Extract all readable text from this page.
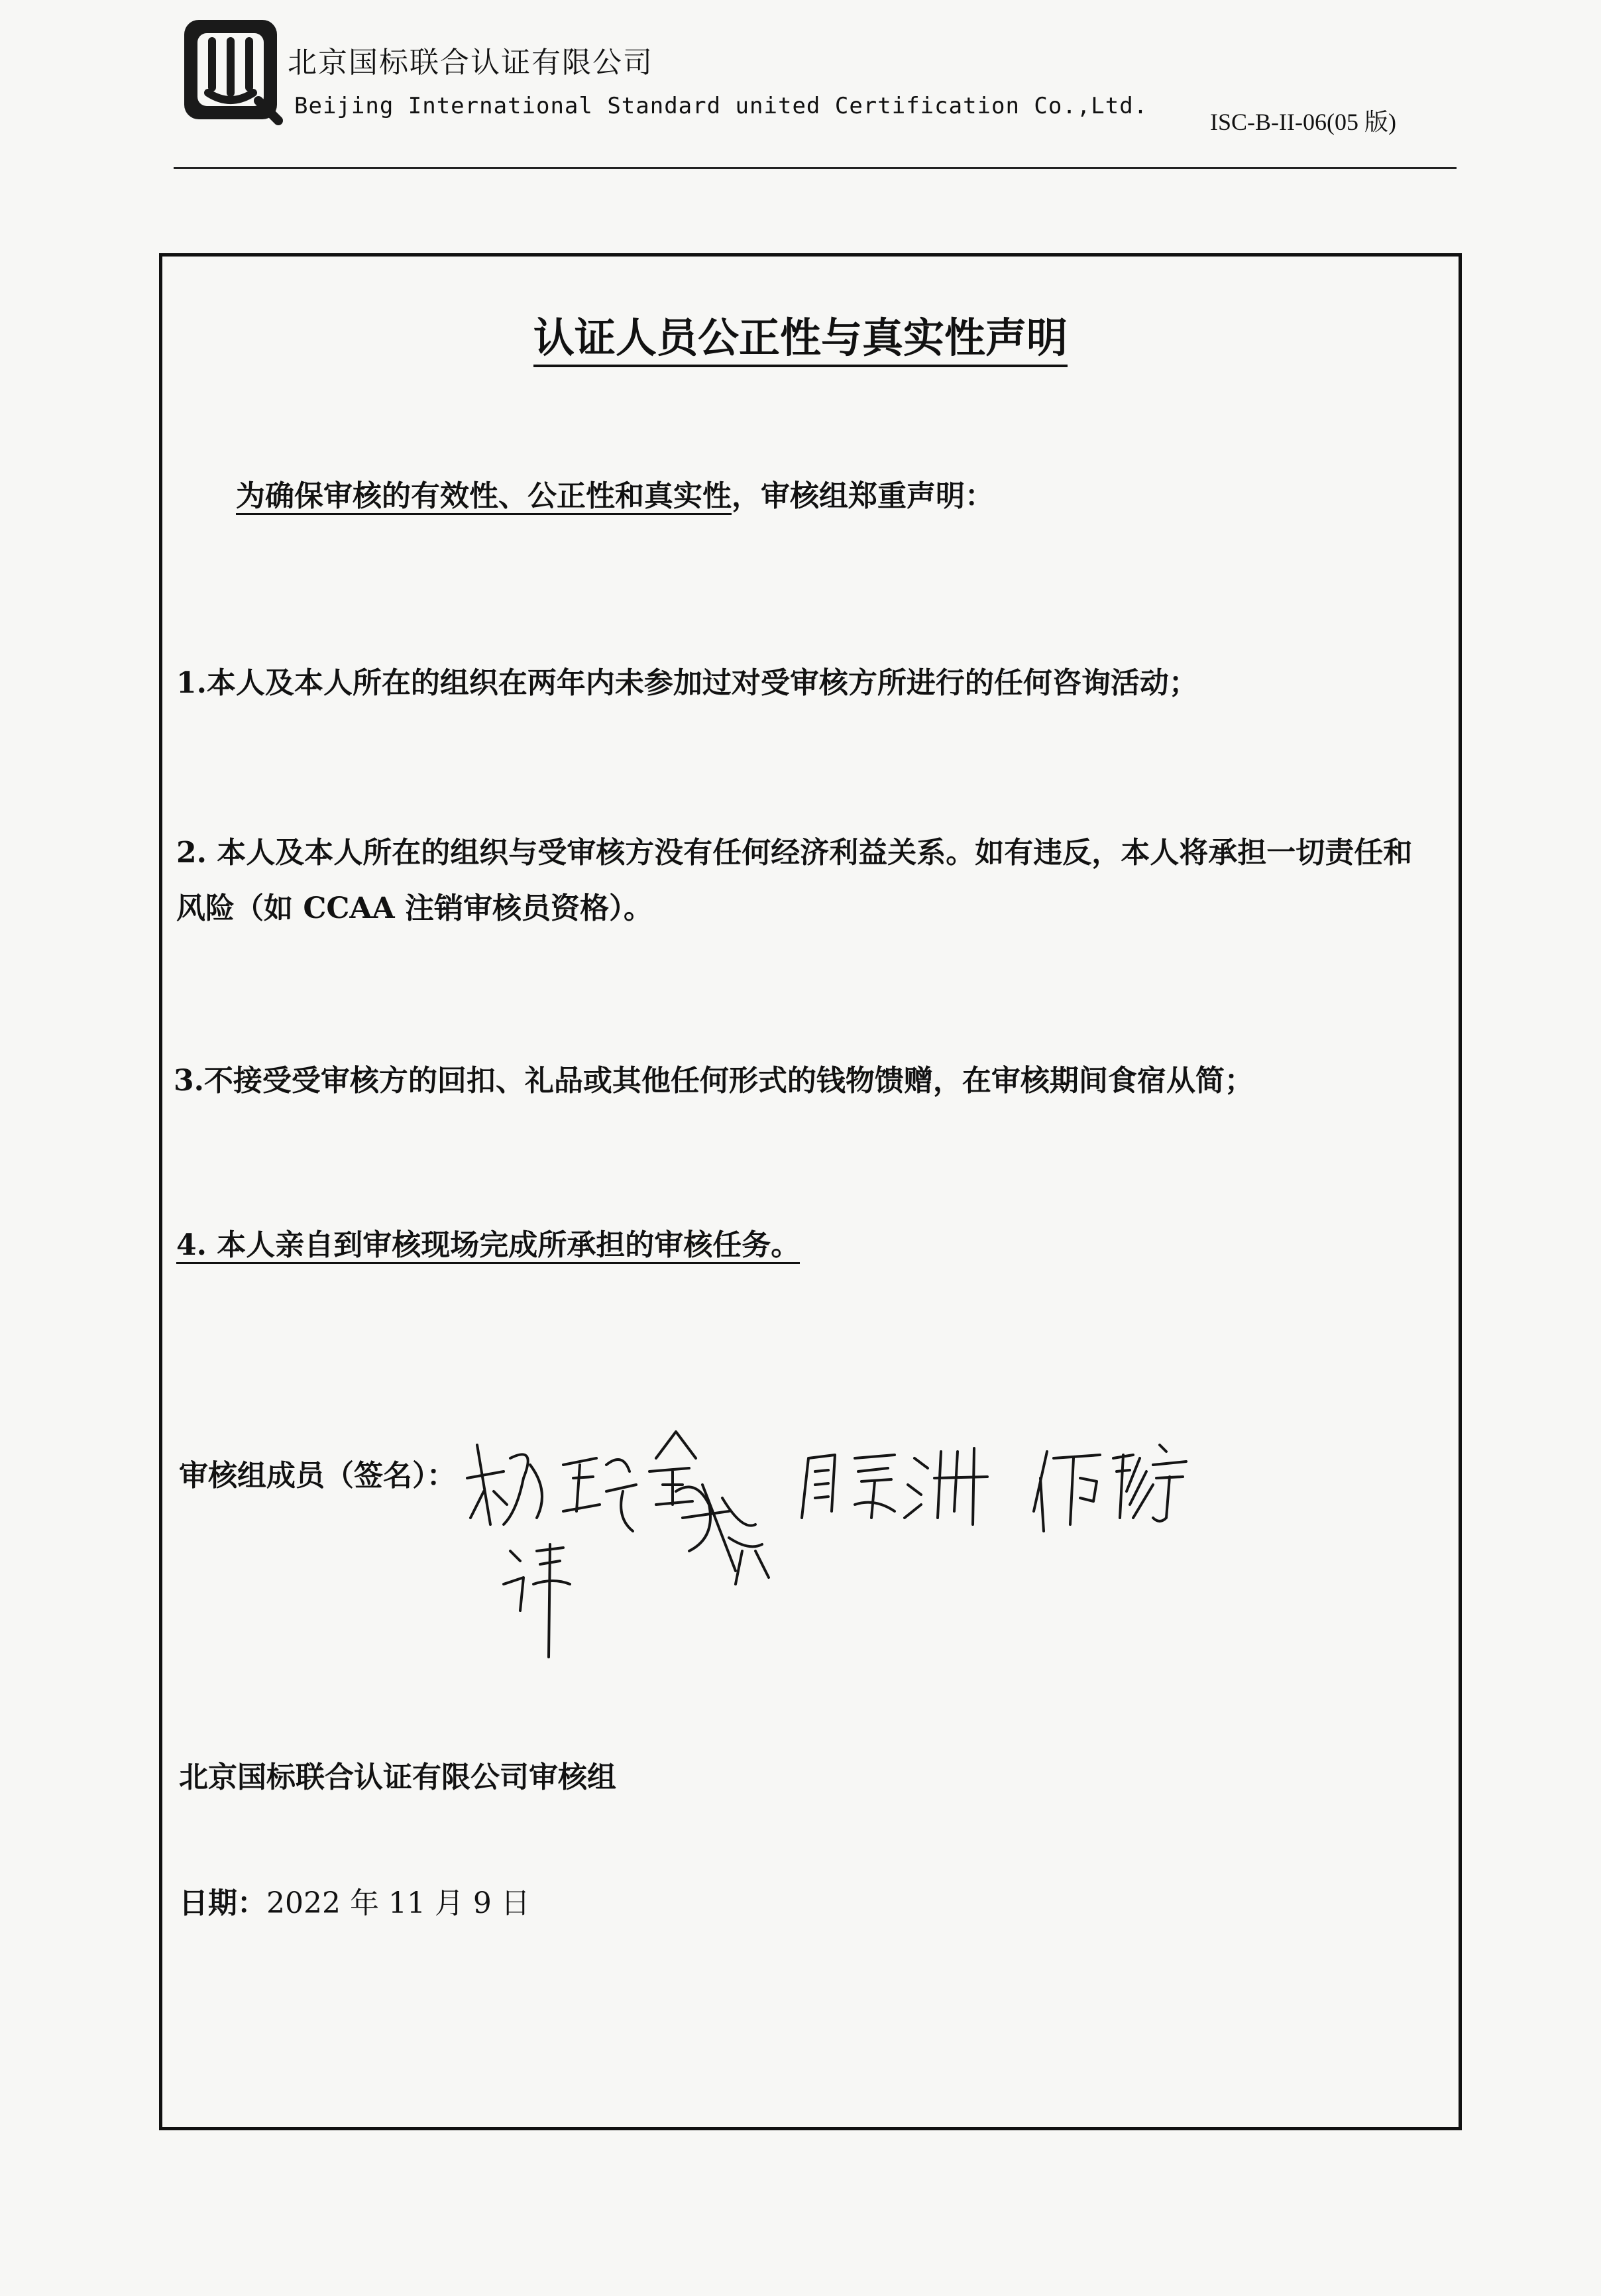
北京国标联合认证有限公司
Beijing International Standard united Certification Co.,Ltd.
ISC-B-II-06(05 版)
认证人员公正性与真实性声明
为确保审核的有效性、公正性和真实性，审核组郑重声明：
1.本人及本人所在的组织在两年内未参加过对受审核方所进行的任何咨询活动；
2. 本人及本人所在的组织与受审核方没有任何经济利益关系。如有违反，本人将承担一切责任和
风险（如 CCAA 注销审核员资格）。
3.不接受受审核方的回扣、礼品或其他任何形式的钱物馈赠，在审核期间食宿从简；
4. 本人亲自到审核现场完成所承担的审核任务。
审核组成员（签名）：
北京国标联合认证有限公司审核组
日期：2022 年 11 月 9 日
